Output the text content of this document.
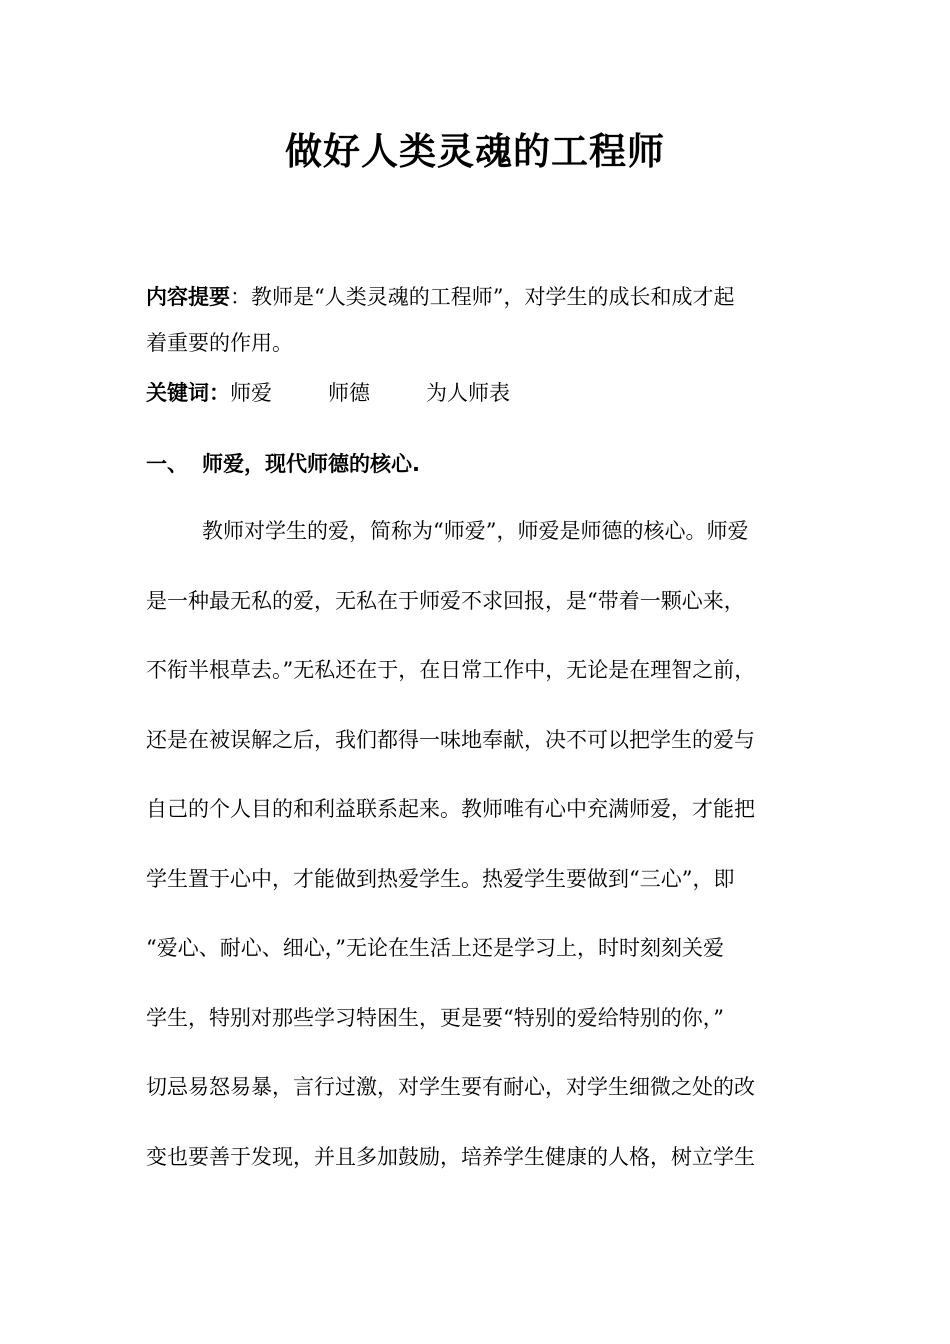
做好人类灵魂的工程师
内容提要：教师是“人类灵魂的工程师”，对学生的成长和成才起
着重要的作用。
关键词：师爱	师德	为人师表
一、 师爱，现代师德的核心.
教师对学生的爱，简称为“师爱”，师爱是师德的核心。师爱
是一种最无私的爱，无私在于师爱不求回报，是“带着一颗心来，
不衔半根草去。”无私还在于，在日常工作中，无论是在理智之前，
还是在被误解之后，我们都得一味地奉献，决不可以把学生的爱与
自己的个人目的和利益联系起来。教师唯有心中充满师爱，才能把
学生置于心中，才能做到热爱学生。热爱学生要做到“三心”，即
“爱心、耐心、细心，”无论在生活上还是学习上，时时刻刻关爱
学生，特别对那些学习特困生，更是要“特别的爱给特别的你，”
切忌易怒易暴，言行过激，对学生要有耐心，对学生细微之处的改
变也要善于发现，并且多加鼓励，培养学生健康的人格，树立学生
